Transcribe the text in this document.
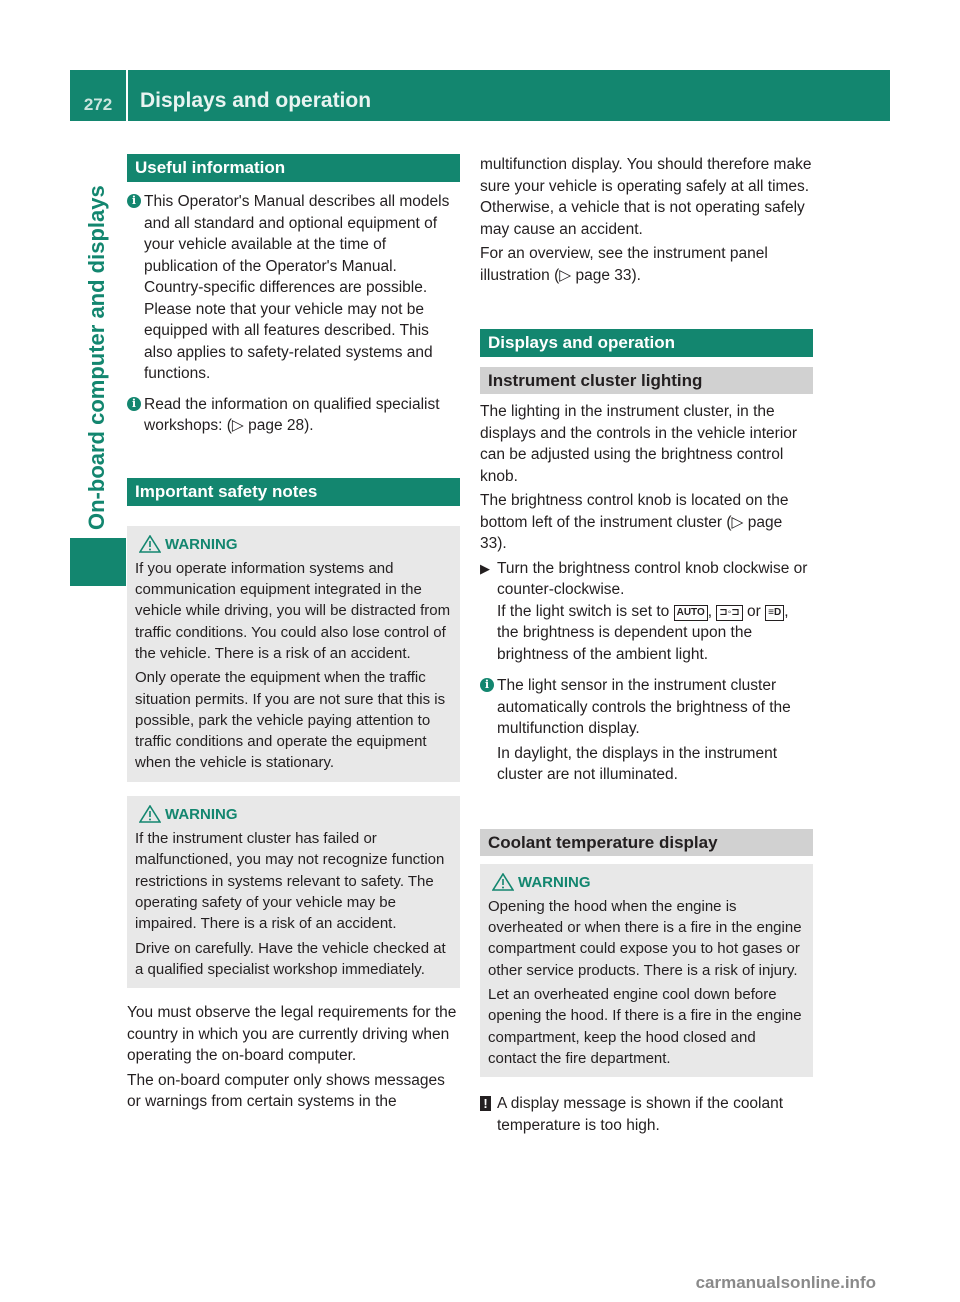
272	Displays and operation
On-board computer and displays
Useful information

i This Operator's Manual describes all models and all standard and optional equipment of your vehicle available at the time of publication of the Operator's Manual. Country-specific differences are possible. Please note that your vehicle may not be equipped with all features described. This also applies to safety-related systems and functions.

i Read the information on qualified specialist workshops: (▷ page 28).

Important safety notes
WARNING

If you operate information systems and communication equipment integrated in the vehicle while driving, you will be distracted from traffic conditions. You could also lose control of the vehicle. There is a risk of an accident.

Only operate the equipment when the traffic situation permits. If you are not sure that this is possible, park the vehicle paying attention to traffic conditions and operate the equipment when the vehicle is stationary.

WARNING

If the instrument cluster has failed or malfunctioned, you may not recognize function restrictions in systems relevant to safety. The operating safety of your vehicle may be impaired. There is a risk of an accident.

Drive on carefully. Have the vehicle checked at a qualified specialist workshop immediately.

You must observe the legal requirements for the country in which you are currently driving when operating the on-board computer.

The on-board computer only shows messages or warnings from certain systems in the

multifunction display. You should therefore make sure your vehicle is operating safely at all times. Otherwise, a vehicle that is not operating safely may cause an accident.

For an overview, see the instrument panel illustration (▷ page 33).

Displays and operation
Instrument cluster lighting

The lighting in the instrument cluster, in the displays and the controls in the vehicle interior can be adjusted using the brightness control knob.

The brightness control knob is located on the bottom left of the instrument cluster (▷ page 33).

▶ Turn the brightness control knob clockwise or counter-clockwise.
If the light switch is set to AUTO , ⊐◦⊐ or ≡D , the brightness is dependent upon the brightness of the ambient light.
i The light sensor in the instrument cluster automatically controls the brightness of the multifunction display.

In daylight, the displays in the instrument cluster are not illuminated.

Coolant temperature display
WARNING

Opening the hood when the engine is overheated or when there is a fire in the engine compartment could expose you to hot gases or other service products. There is a risk of injury.

Let an overheated engine cool down before opening the hood. If there is a fire in the engine compartment, keep the hood closed and contact the fire department.

! A display message is shown if the coolant temperature is too high.

carmanualsonline.info
